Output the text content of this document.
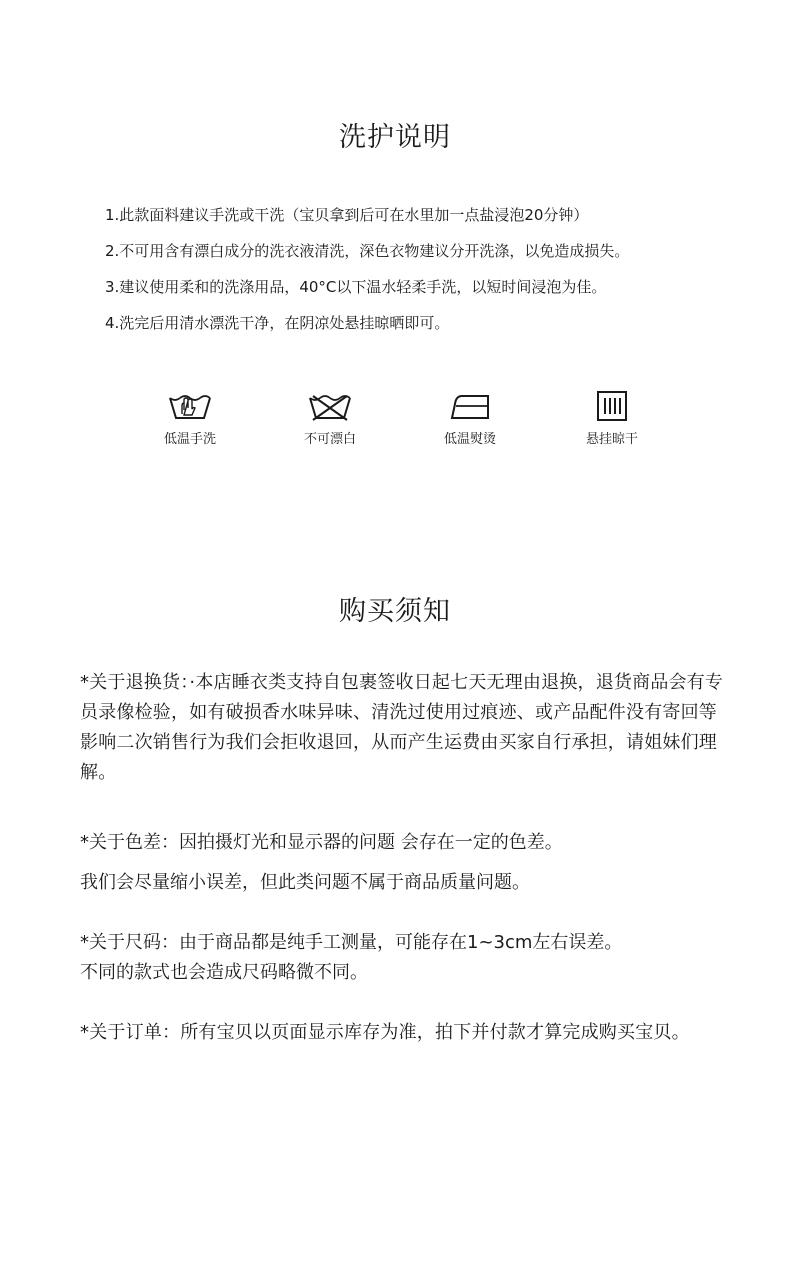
洗护说明
1.此款面料建议手洗或干洗（宝贝拿到后可在水里加一点盐浸泡20分钟）
2.不可用含有漂白成分的洗衣液清洗，深色衣物建议分开洗涤，以免造成损失。
3.建议使用柔和的洗涤用品，40°C以下温水轻柔手洗，以短时间浸泡为佳。
4.洗完后用清水漂洗干净，在阴凉处悬挂晾晒即可。
低温手洗	不可漂白	低温熨烫	悬挂晾干
购买须知

*关于退换货：·本店睡衣类支持自包裹签收日起七天无理由退换，退货商品会有专员录像检验，如有破损香水味异味、清洗过使用过痕迹、或产品配件没有寄回等影响二次销售行为我们会拒收退回，从而产生运费由买家自行承担，请姐妹们理解。

*关于色差：因拍摄灯光和显示器的问题 会存在一定的色差。

我们会尽量缩小误差，但此类问题不属于商品质量问题。

*关于尺码：由于商品都是纯手工测量，可能存在1~3cm左右误差。

不同的款式也会造成尺码略微不同。

*关于订单：所有宝贝以页面显示库存为准，拍下并付款才算完成购买宝贝。
